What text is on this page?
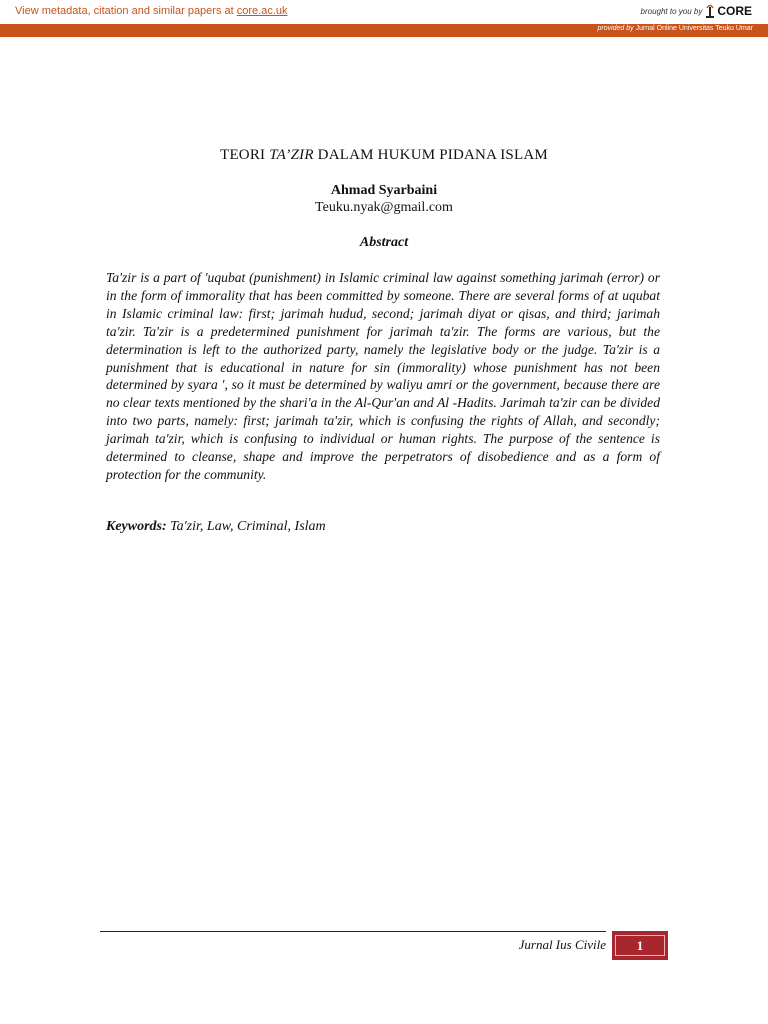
View metadata, citation and similar papers at core.ac.uk	brought to you by CORE
provided by Jurnal Online Universitas Teuku Umar
TEORI TA’ZIR DALAM HUKUM PIDANA ISLAM
Ahmad Syarbaini
Teuku.nyak@gmail.com
Abstract

Ta'zir is a part of 'uqubat (punishment) in Islamic criminal law against something jarimah (error) or in the form of immorality that has been committed by someone. There are several forms of at uqubat in Islamic criminal law: first; jarimah hudud, second; jarimah diyat or qisas, and third; jarimah ta'zir. Ta'zir is a predetermined punishment for jarimah ta'zir. The forms are various, but the determination is left to the authorized party, namely the legislative body or the judge. Ta'zir is a punishment that is educational in nature for sin (immorality) whose punishment has not been determined by syara ', so it must be determined by waliyu amri or the government, because there are no clear texts mentioned by the shari'a in the Al-Qur'an and Al -Hadits. Jarimah ta'zir can be divided into two parts, namely: first; jarimah ta'zir, which is confusing the rights of Allah, and secondly; jarimah ta'zir, which is confusing to individual or human rights. The purpose of the sentence is determined to cleanse, shape and improve the perpetrators of disobedience and as a form of protection for the community.

Keywords: Ta'zir, Law, Criminal, Islam
Jurnal Ius Civile	1
